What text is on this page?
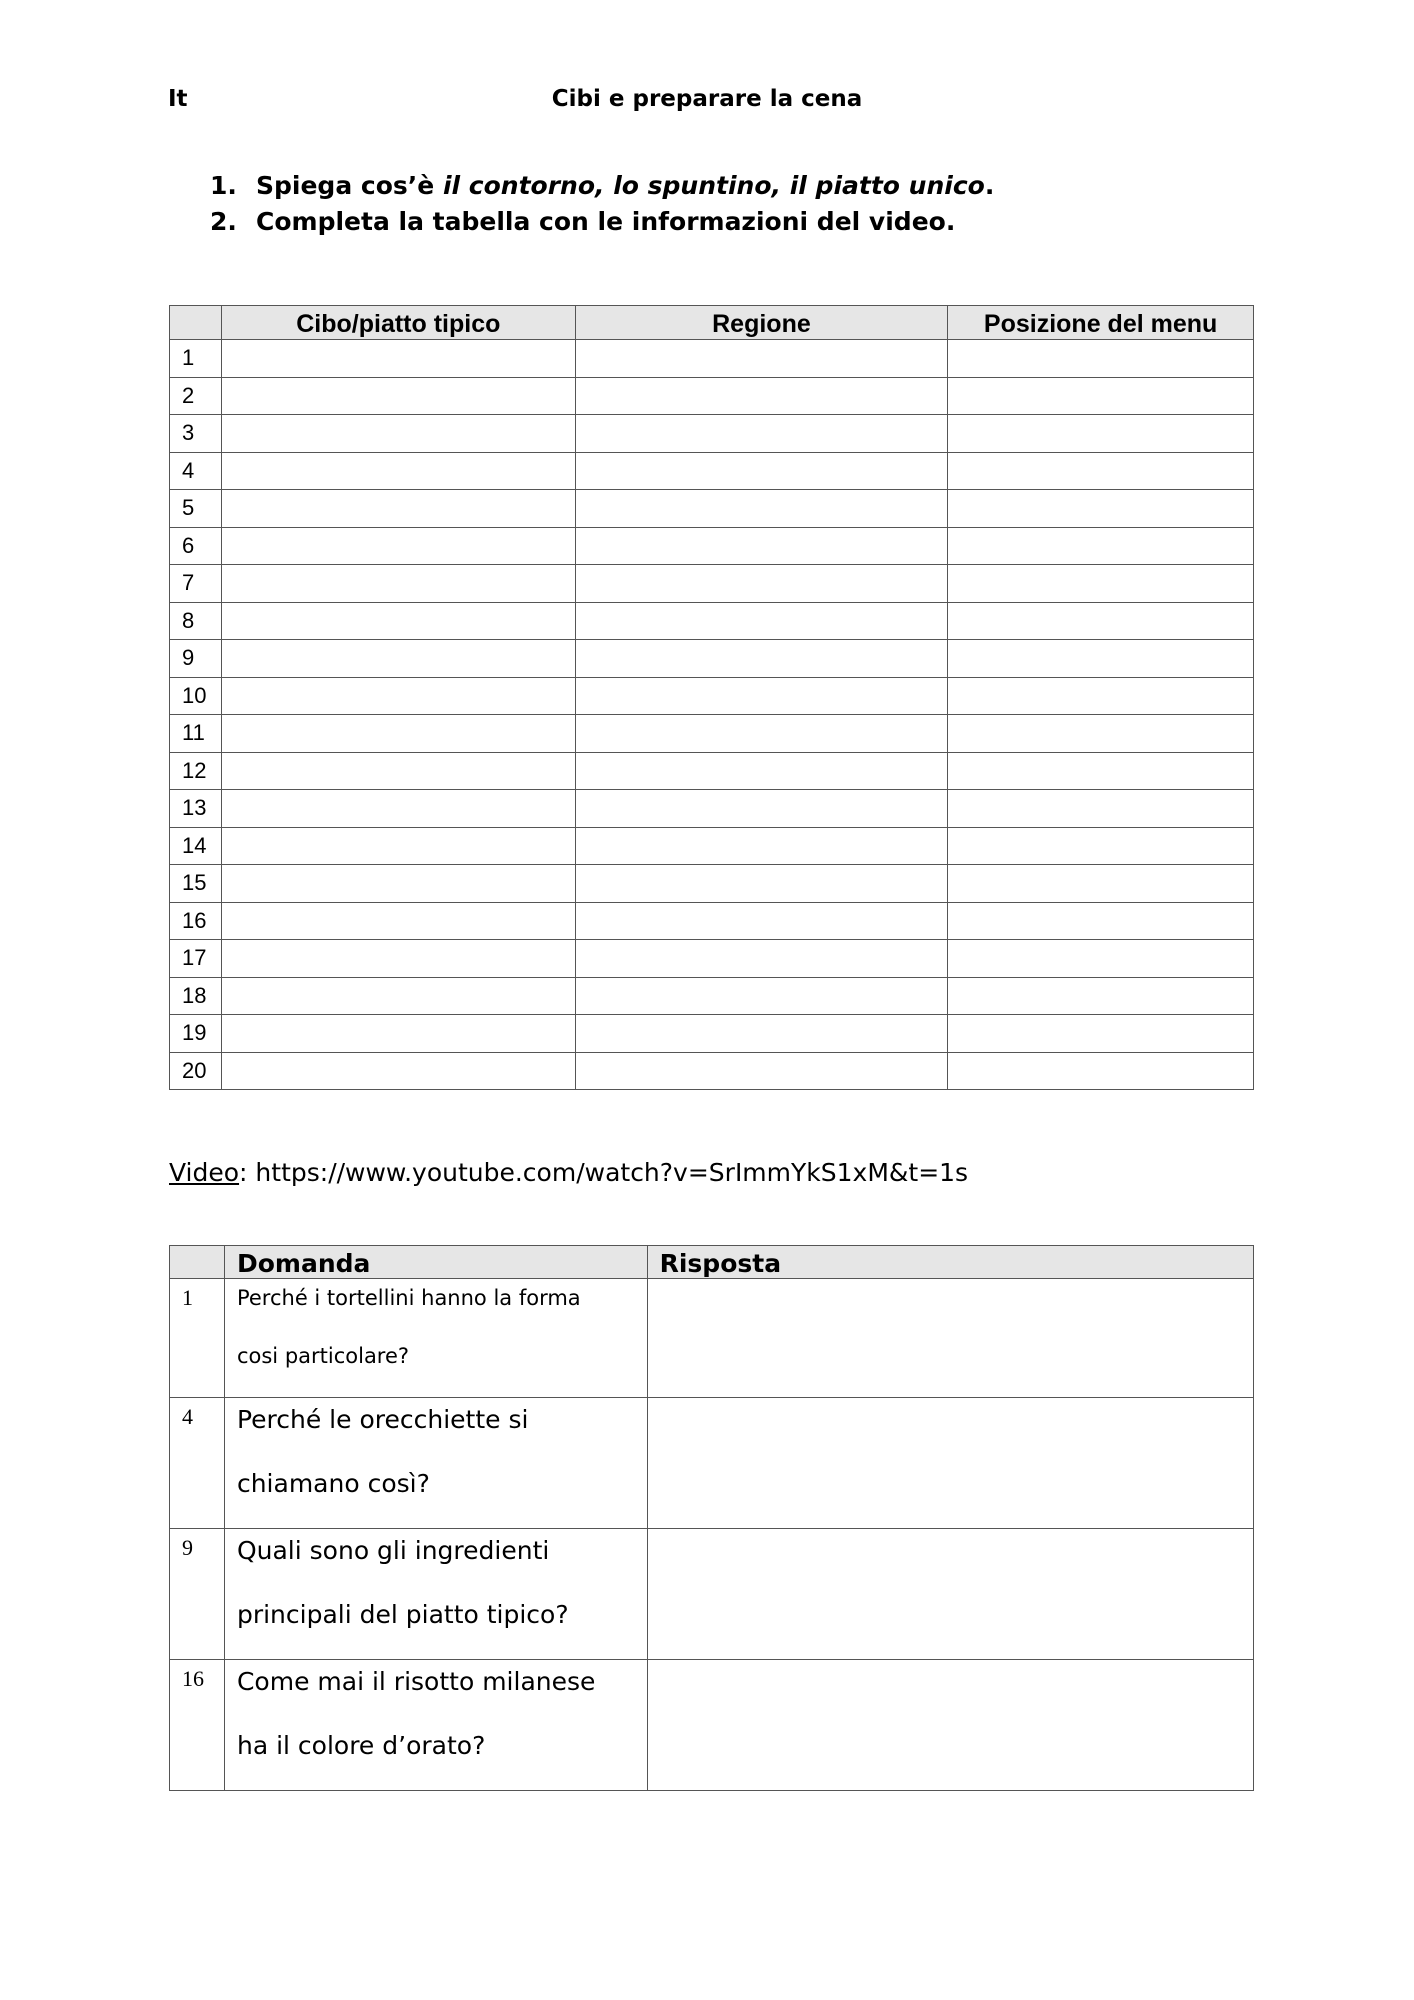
It	Cibi e preparare la cena
1. Spiega cos’è il contorno, lo spuntino, il piatto unico.
2. Completa la tabella con le informazioni del video.
	Cibo/piatto tipico	Regione	Posizione del menu
1			
2			
3			
4			
5			
6			
7			
8			
9			
10			
11			
12			
13			
14			
15			
16			
17			
18			
19			
20			
Video: https://www.youtube.com/watch?v=SrImmYkS1xM&t=1s
	Domanda	Risposta
1	Perché i tortellini hanno la forma
cosi particolare?	

4	Perché le orecchiette si
chiamano così?	

9	Quali sono gli ingredienti
principali del piatto tipico?	

16	Come mai il risotto milanese
ha il colore d’orato?	
